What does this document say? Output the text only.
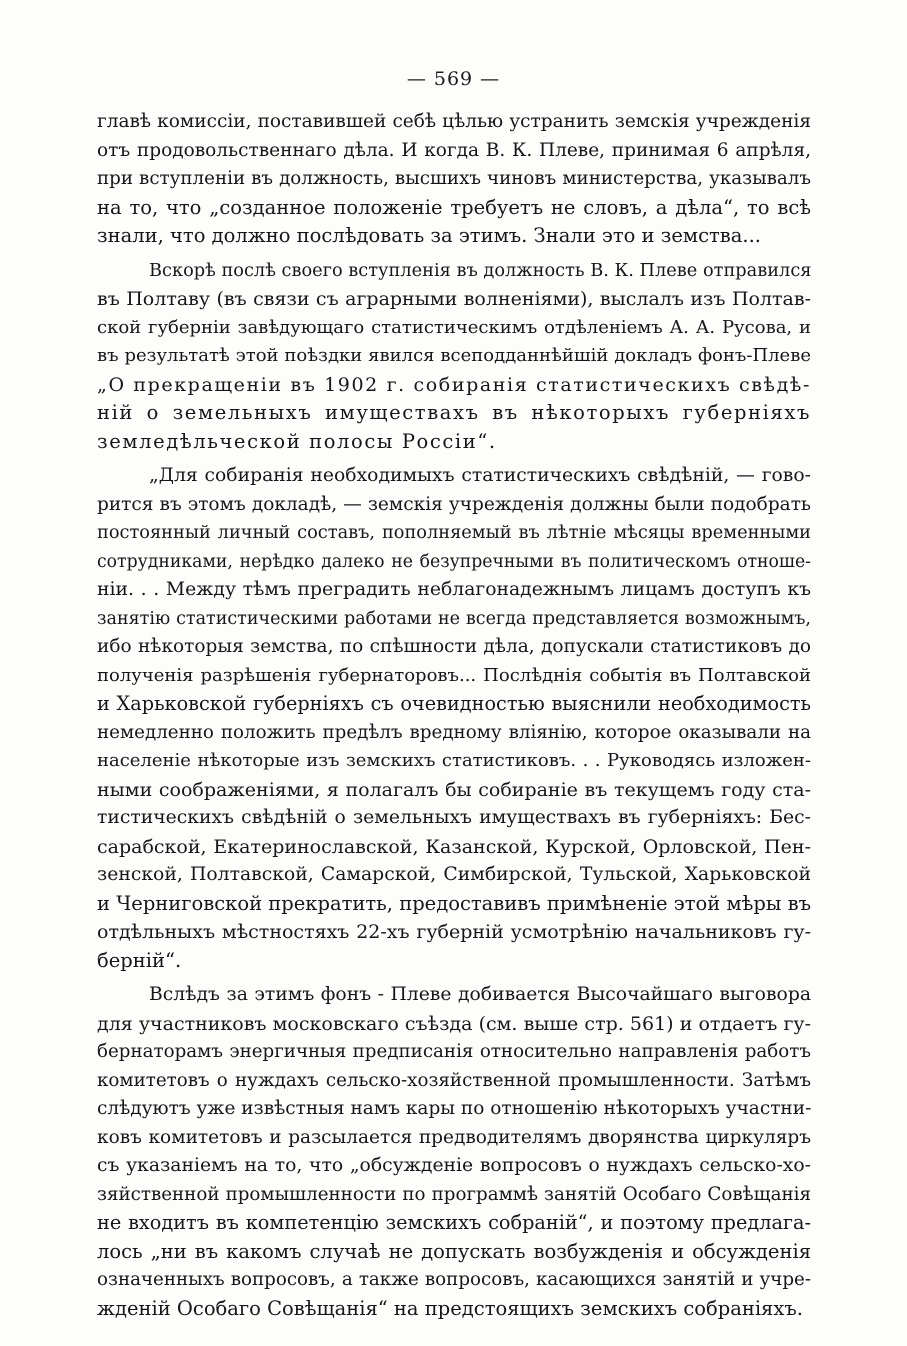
— 569 —
главѣ комиссіи, поставившей себѣ цѣлью устранить земскія учрежденія
отъ продовольственнаго дѣла. И когда В. К. Плеве, принимая 6 апрѣля,
при вступленіи въ должность, высшихъ чиновъ министерства, указывалъ
на то, что „созданное положеніе требуетъ не словъ, а дѣла“, то всѣ
знали, что должно послѣдовать за этимъ. Знали это и земства...
Вскорѣ послѣ своего вступленія въ должность В. К. Плеве отправился
въ Полтаву (въ связи съ аграрными волненіями), выслалъ изъ Полтав-
ской губерніи завѣдующаго статистическимъ отдѣленіемъ А. А. Русова, и
въ результатѣ этой поѣздки явился всеподданнѣйшій докладъ фонъ-Плеве
„О прекращеніи въ 1902 г. собиранія статистическихъ свѣдѣ-
ній о земельныхъ имуществахъ въ нѣкоторыхъ губерніяхъ
земледѣльческой полосы Россіи“.
„Для собиранія необходимыхъ статистическихъ свѣдѣній, — гово-
рится въ этомъ докладѣ, — земскія учрежденія должны были подобрать
постоянный личный составъ, пополняемый въ лѣтніе мѣсяцы временными
сотрудниками, нерѣдко далеко не безупречными въ политическомъ отноше-
ніи. . . Между тѣмъ преградить неблагонадежнымъ лицамъ доступъ къ
занятію статистическими работами не всегда представляется возможнымъ,
ибо нѣкоторыя земства, по спѣшности дѣла, допускали статистиковъ до
полученія разрѣшенія губернаторовъ... Послѣднія событія въ Полтавской
и Харьковской губерніяхъ съ очевидностью выяснили необходимость
немедленно положить предѣлъ вредному вліянію, которое оказывали на
населеніе нѣкоторые изъ земскихъ статистиковъ. . . Руководясь изложен-
ными соображеніями, я полагалъ бы собираніе въ текущемъ году ста-
тистическихъ свѣдѣній о земельныхъ имуществахъ въ губерніяхъ: Бес-
сарабской, Екатеринославской, Казанской, Курской, Орловской, Пен-
зенской, Полтавской, Самарской, Симбирской, Тульской, Харьковской
и Черниговской прекратить, предоставивъ примѣненіе этой мѣры въ
отдѣльныхъ мѣстностяхъ 22-хъ губерній усмотрѣнію начальниковъ гу-
берній“.
Вслѣдъ за этимъ фонъ - Плеве добивается Высочайшаго выговора
для участниковъ московскаго съѣзда (см. выше стр. 561) и отдаетъ гу-
бернаторамъ энергичныя предписанія относительно направленія работъ
комитетовъ о нуждахъ сельско-хозяйственной промышленности. Затѣмъ
слѣдуютъ уже извѣстныя намъ кары по отношенію нѣкоторыхъ участни-
ковъ комитетовъ и разсылается предводителямъ дворянства циркуляръ
съ указаніемъ на то, что „обсужденіе вопросовъ о нуждахъ сельско-хо-
зяйственной промышленности по программѣ занятій Особаго Совѣщанія
не входитъ въ компетенцію земскихъ собраній“, и поэтому предлага-
лось „ни въ какомъ случаѣ не допускать возбужденія и обсужденія
означенныхъ вопросовъ, а также вопросовъ, касающихся занятій и учре-
жденій Особаго Совѣщанія“ на предстоящихъ земскихъ собраніяхъ.
